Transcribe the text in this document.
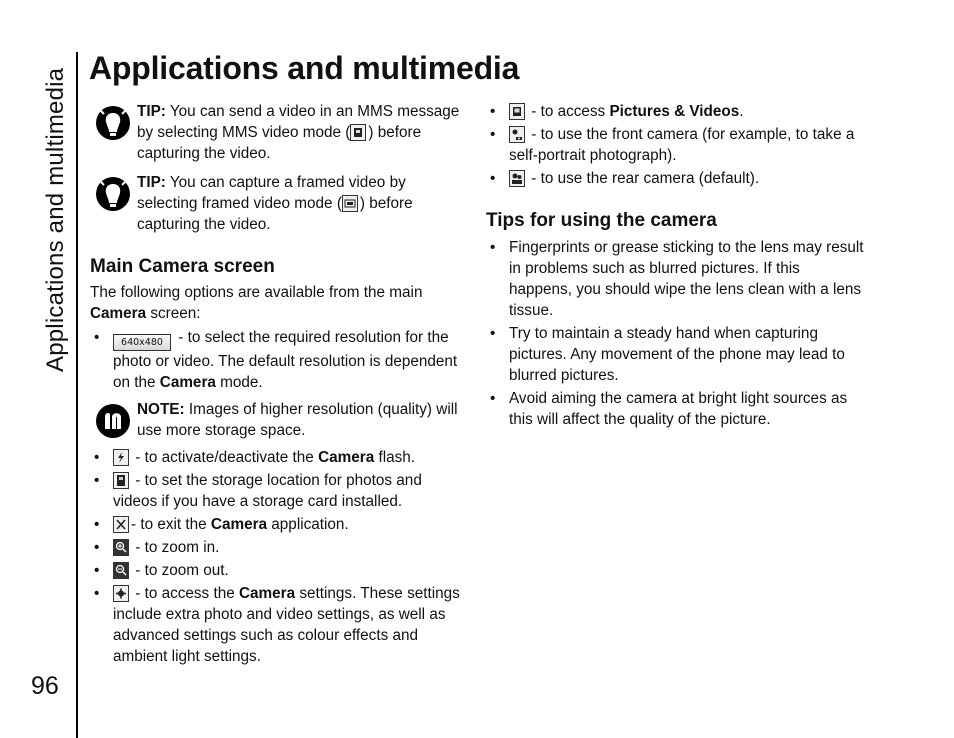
Applications and multimedia
96
Applications and multimedia
TIP: You can send a video in an MMS message by selecting MMS video mode ( ) before capturing the video.
TIP: You can capture a framed video by selecting framed video mode ( ) before capturing the video.
Main Camera screen
The following options are available from the main Camera screen:
• 640x480 - to select the required resolution for the photo or video. The default resolution is dependent on the Camera mode.
NOTE: Images of higher resolution (quality) will use more storage space.
• - to activate/deactivate the Camera flash.
• - to set the storage location for photos and videos if you have a storage card installed.
• - to exit the Camera application.
• - to zoom in.
• - to zoom out.
• - to access the Camera settings. These settings include extra photo and video settings, as well as advanced settings such as colour effects and ambient light settings.
• - to access Pictures & Videos.
• - to use the front camera (for example, to take a self-portrait photograph).
• - to use the rear camera (default).
Tips for using the camera
• Fingerprints or grease sticking to the lens may result in problems such as blurred pictures. If this happens, you should wipe the lens clean with a lens tissue.
• Try to maintain a steady hand when capturing pictures. Any movement of the phone may lead to blurred pictures.
• Avoid aiming the camera at bright light sources as this will affect the quality of the picture.
